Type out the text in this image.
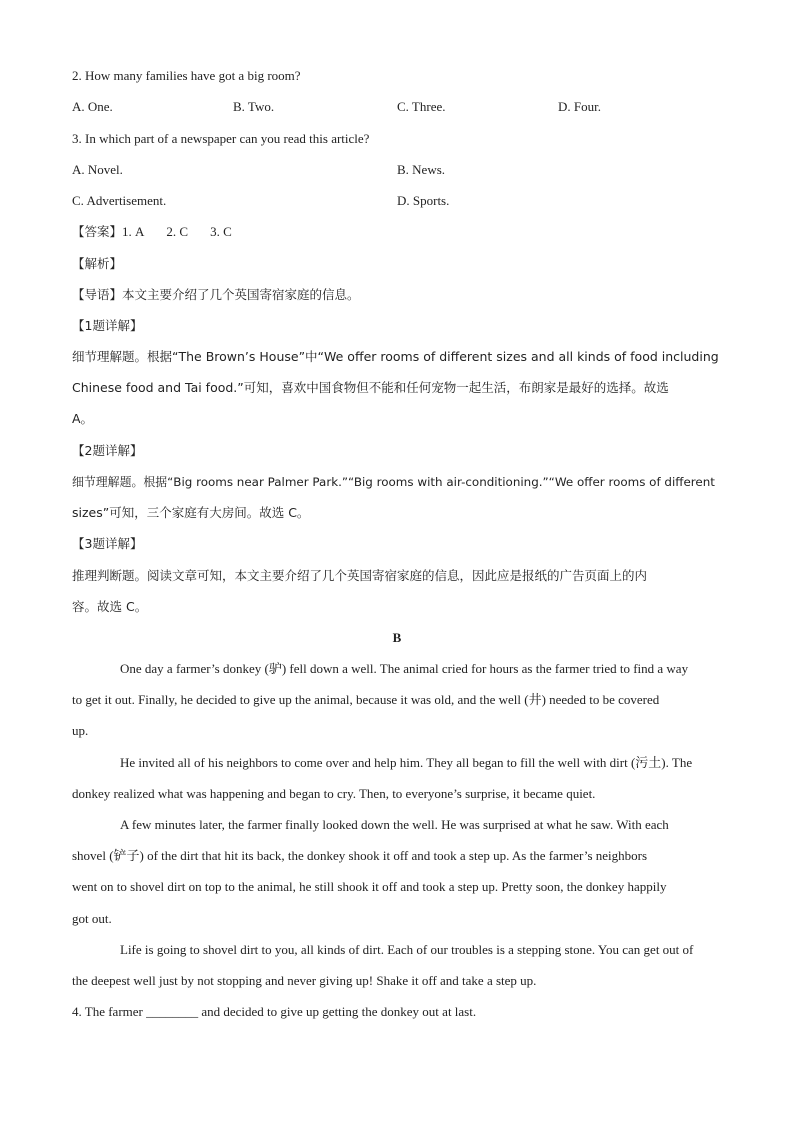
2. How many families have got a big room?
A. One.	B. Two.	C. Three.	D. Four.
3. In which part of a newspaper can you read this article?
A. Novel.	B. News.
C. Advertisement.	D. Sports.
【答案】1. A 2. C 3. C
【解析】
【导语】本文主要介绍了几个英国寄宿家庭的信息。
【1题详解】
细节理解题。根据“The Brown’s House”中“We offer rooms of different sizes and all kinds of food including
Chinese food and Tai food.”可知，喜欢中国食物但不能和任何宠物一起生活，布朗家是最好的选择。故选
A。
【2题详解】
细节理解题。根据“Big rooms near Palmer Park.”“Big rooms with air-conditioning.”“We offer rooms of different
sizes”可知，三个家庭有大房间。故选 C。
【3题详解】
推理判断题。阅读文章可知，本文主要介绍了几个英国寄宿家庭的信息，因此应是报纸的广告页面上的内
容。故选 C。
B
One day a farmer’s donkey (驴) fell down a well. The animal cried for hours as the farmer tried to find a way
to get it out. Finally, he decided to give up the animal, because it was old, and the well (井) needed to be covered
up.
He invited all of his neighbors to come over and help him. They all began to fill the well with dirt (污土). The
donkey realized what was happening and began to cry. Then, to everyone’s surprise, it became quiet.
A few minutes later, the farmer finally looked down the well. He was surprised at what he saw. With each
shovel (铲子) of the dirt that hit its back, the donkey shook it off and took a step up. As the farmer’s neighbors
went on to shovel dirt on top to the animal, he still shook it off and took a step up. Pretty soon, the donkey happily
got out.
Life is going to shovel dirt to you, all kinds of dirt. Each of our troubles is a stepping stone. You can get out of
the deepest well just by not stopping and never giving up! Shake it off and take a step up.
4. The farmer ________ and decided to give up getting the donkey out at last.
